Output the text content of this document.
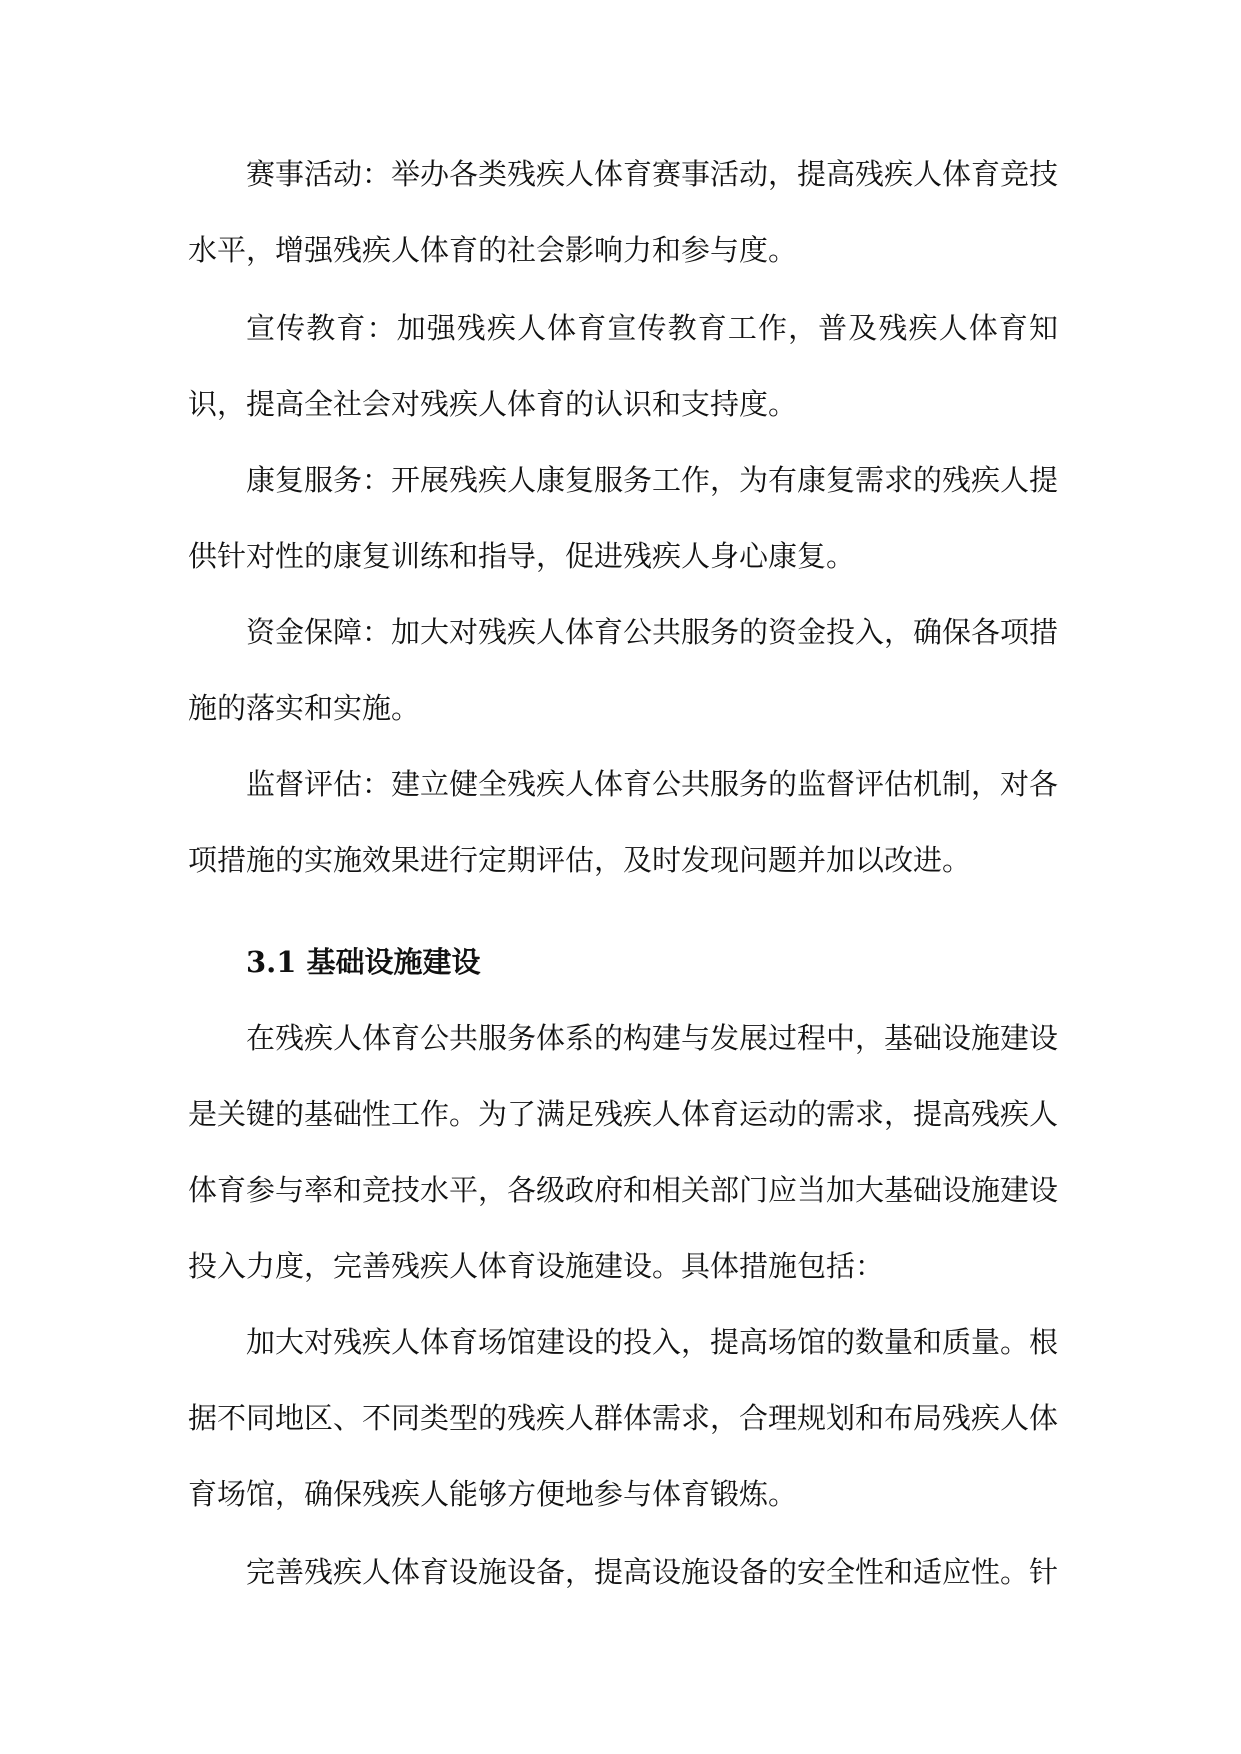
赛事活动：举办各类残疾人体育赛事活动，提高残疾人体育竞技水平，增强残疾人体育的社会影响力和参与度。

宣传教育：加强残疾人体育宣传教育工作，普及残疾人体育知识，提高全社会对残疾人体育的认识和支持度。

康复服务：开展残疾人康复服务工作，为有康复需求的残疾人提供针对性的康复训练和指导，促进残疾人身心康复。

资金保障：加大对残疾人体育公共服务的资金投入，确保各项措施的落实和实施。

监督评估：建立健全残疾人体育公共服务的监督评估机制，对各项措施的实施效果进行定期评估，及时发现问题并加以改进。

3.1 基础设施建设

在残疾人体育公共服务体系的构建与发展过程中，基础设施建设是关键的基础性工作。为了满足残疾人体育运动的需求，提高残疾人体育参与率和竞技水平，各级政府和相关部门应当加大基础设施建设投入力度，完善残疾人体育设施建设。具体措施包括：

加大对残疾人体育场馆建设的投入，提高场馆的数量和质量。根据不同地区、不同类型的残疾人群体需求，合理规划和布局残疾人体育场馆，确保残疾人能够方便地参与体育锻炼。

完善残疾人体育设施设备，提高设施设备的安全性和适应性。针
